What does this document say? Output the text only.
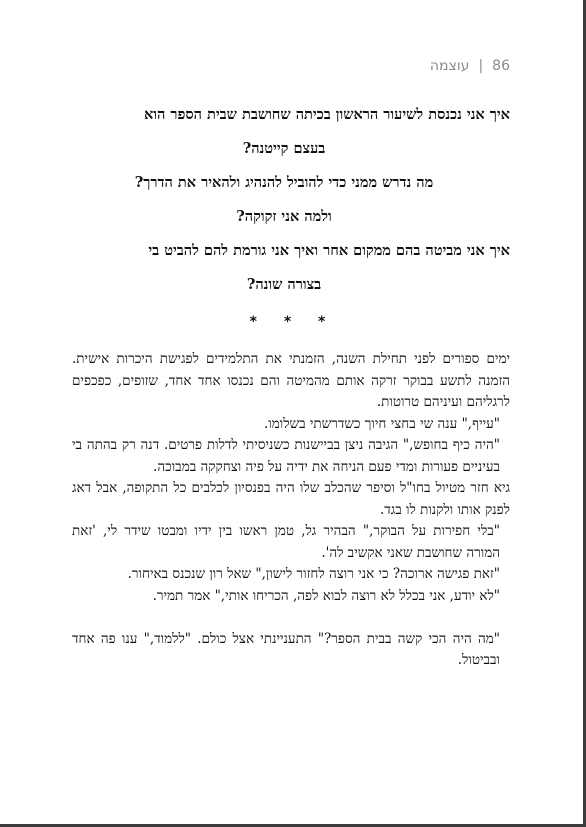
עוצמה | 86

איך אני נכנסת לשיעור הראשון בכיתה שחושבת שבית הספר הוא

בעצם קייטנה?

מה נדרש ממני כדי להוביל להנהיג ולהאיר את הדרך?

ולמה אני זקוקה?

איך אני מביטה בהם ממקום אחר ואיך אני גורמת להם להביט בי

בצורה שונה?

* * *

ימים ספורים לפני תחילת השנה, הזמנתי את התלמידים לפגישת היכרות אישית. הזמנה לתשע בבוקר זרקה אותם מהמיטה והם נכנסו אחד אחד, שזופים, כפכפים לרגליהם ועיניהם טרוטות.

"עייף," ענה שי בחצי חיוך כשדרשתי בשלומו.

"היה כיף בחופש," הגיבה ניצן בביישנות כשניסיתי לדלות פרטים. דנה רק בהתה בי בעיניים פעורות ומדי פעם הניחה את ידיה על פיה וצחקקה במבוכה.

גיא חזר מטיול בחו"ל וסיפר שהכלב שלו היה בפנסיון לכלבים כל התקופה, אבל דאג לפנק אותו ולקנות לו בגד.

"בלי חפירות על הבוקר," הבהיר גל, טמן ראשו בין ידיו ומבטו שידר לי, 'זאת המורה שחושבת שאני אקשיב לה'.

"זאת פגישה ארוכה? כי אני רוצה לחזור לישון," שאל רון שנכנס באיחור.

"לא יודע, אני בכלל לא רוצה לבוא לפה, הכריחו אותי," אמר תמיר.

"מה היה הכי קשה בבית הספר?" התעניינתי אצל כולם. "ללמוד," ענו פה אחד ובביטול.
